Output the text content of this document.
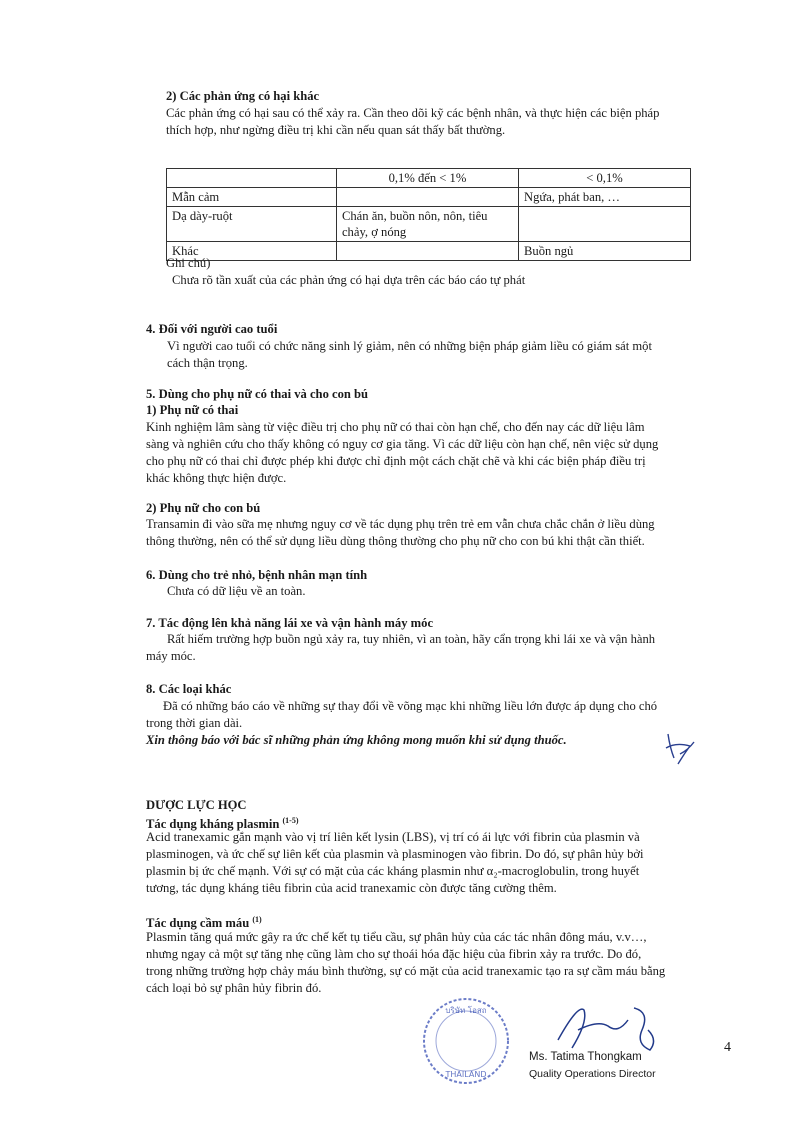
2) Các phản ứng có hại khác
Các phản ứng có hại sau có thể xảy ra. Cần theo dõi kỹ các bệnh nhân, và thực hiện các biện pháp
thích hợp, như ngừng điều trị khi cần nếu quan sát thấy bất thường.
	0,1% đến < 1%	< 0,1%
Mẫn cảm		Ngứa, phát ban, …
Dạ dày-ruột	Chán ăn, buồn nôn, nôn, tiêu chảy, ợ nóng	
Khác		Buồn ngủ
Ghi chú)
Chưa rõ tần xuất của các phản ứng có hại dựa trên các báo cáo tự phát
4. Đối với người cao tuổi
Vì người cao tuổi có chức năng sinh lý giảm, nên có những biện pháp giảm liều có giám sát một
cách thận trọng.
5. Dùng cho phụ nữ có thai và cho con bú
1) Phụ nữ có thai
Kinh nghiệm lâm sàng từ việc điều trị cho phụ nữ có thai còn hạn chế, cho đến nay các dữ liệu lâm
sàng và nghiên cứu cho thấy không có nguy cơ gia tăng. Vì các dữ liệu còn hạn chế, nên việc sử dụng
cho phụ nữ có thai chỉ được phép khi được chỉ định một cách chặt chẽ và khi các biện pháp điều trị
khác không thực hiện được.
2) Phụ nữ cho con bú
Transamin đi vào sữa mẹ nhưng nguy cơ về tác dụng phụ trên trẻ em vẫn chưa chắc chắn ở liều dùng
thông thường, nên có thể sử dụng liều dùng thông thường cho phụ nữ cho con bú khi thật cần thiết.
6. Dùng cho trẻ nhỏ, bệnh nhân mạn tính
Chưa có dữ liệu về an toàn.
7. Tác động lên khả năng lái xe và vận hành máy móc
Rất hiếm trường hợp buồn ngủ xảy ra, tuy nhiên, vì an toàn, hãy cẩn trọng khi lái xe và vận hành
máy móc.
8. Các loại khác
Đã có những báo cáo về những sự thay đổi về võng mạc khi những liều lớn được áp dụng cho chó
trong thời gian dài.
Xin thông báo với bác sĩ những phản ứng không mong muốn khi sử dụng thuốc.
DƯỢC LỰC HỌC
Tác dụng kháng plasmin $^{(1-5)}$
Acid tranexamic gắn mạnh vào vị trí liên kết lysin (LBS), vị trí có ái lực với fibrin của plasmin và
plasminogen, và ức chế sự liên kết của plasmin và plasminogen vào fibrin. Do đó, sự phân hủy bởi
plasmin bị ức chế mạnh. Với sự có mặt của các kháng plasmin như α₂-macroglobulin, trong huyết
tương, tác dụng kháng tiêu fibrin của acid tranexamic còn được tăng cường thêm.
Tác dụng cầm máu $^{(1)}$
Plasmin tăng quá mức gây ra ức chế kết tụ tiểu cầu, sự phân hủy của các tác nhân đông máu, v.v…,
nhưng ngay cả một sự tăng nhẹ cũng làm cho sự thoái hóa đặc hiệu của fibrin xảy ra trước. Do đó,
trong những trường hợp chảy máu bình thường, sự có mặt của acid tranexamic tạo ra sự cầm máu bằng
cách loại bỏ sự phân hủy fibrin đó.
บริษัท โอสถ
THAILAND
Ms. Tatima Thongkam
Quality Operations Director
4
